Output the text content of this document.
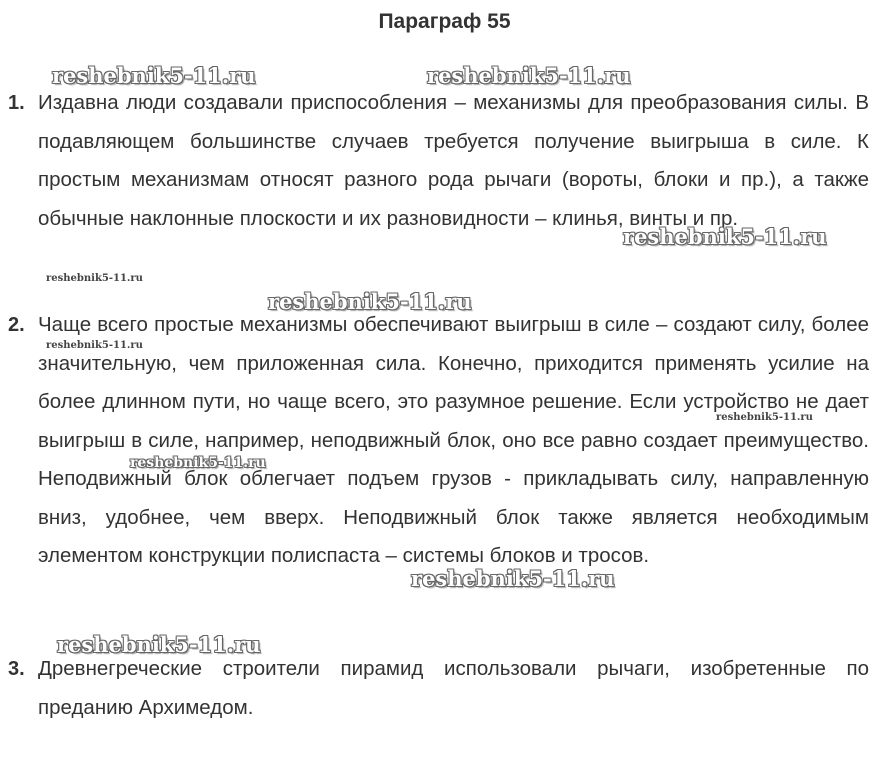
Параграф 55
1. Издавна люди создавали приспособления – механизмы для преобразования силы. В подавляющем большинстве случаев требуется получение выигрыша в силе. К простым механизмам относят разного рода рычаги (вороты, блоки и пр.), а также обычные наклонные плоскости и их разновидности – клинья, винты и пр.

2. Чаще всего простые механизмы обеспечивают выигрыш в силе – создают силу, более значительную, чем приложенная сила. Конечно, приходится применять усилие на более длинном пути, но чаще всего, это разумное решение. Если устройство не дает выигрыш в силе, например, неподвижный блок, оно все равно создает преимущество. Неподвижный блок облегчает подъем грузов - прикладывать силу, направленную вниз, удобнее, чем вверх. Неподвижный блок также является необходимым элементом конструкции полиспаста – системы блоков и тросов.

3. Древнегреческие строители пирамид использовали рычаги, изобретенные по преданию Архимедом.

reshebnik5-11.ru	reshebnik5-11.ru
reshebnik5-11.ru
reshebnik5-11.ru
reshebnik5-11.ru
reshebnik5-11.ru
reshebnik5-11.ru
reshebnik5-11.ru
reshebnik5-11.ru
reshebnik5-11.ru
